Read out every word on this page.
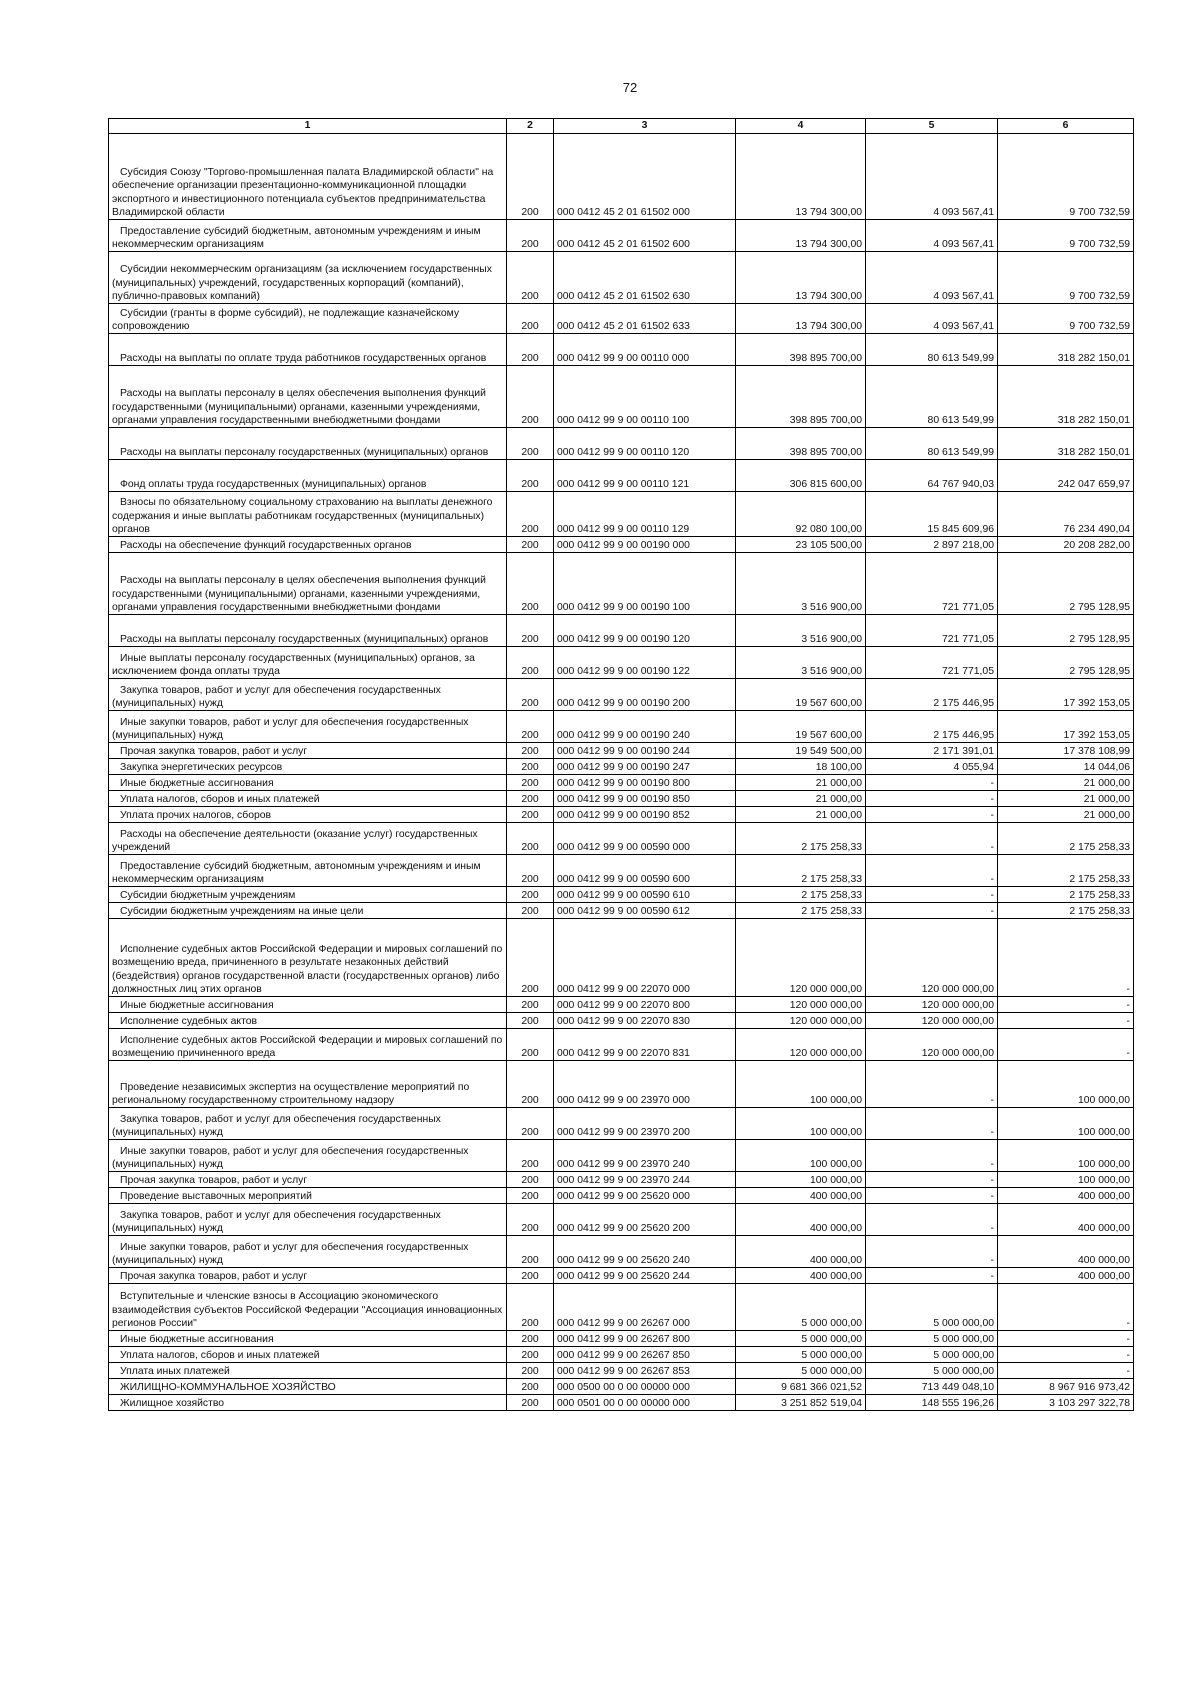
72
1	2	3	4	5	6
Субсидия Союзу "Торгово-промышленная палата Владимирской области" на обеспечение организации презентационно-коммуникационной площадки экспортного и инвестиционного потенциала субъектов предпринимательства Владимирской области	200	000 0412 45 2 01 61502 000	13 794 300,00	4 093 567,41	9 700 732,59
Предоставление субсидий бюджетным, автономным учреждениям и иным некоммерческим организациям	200	000 0412 45 2 01 61502 600	13 794 300,00	4 093 567,41	9 700 732,59
Субсидии некоммерческим организациям (за исключением государственных (муниципальных) учреждений, государственных корпораций (компаний), публично-правовых компаний)	200	000 0412 45 2 01 61502 630	13 794 300,00	4 093 567,41	9 700 732,59
Субсидии (гранты в форме субсидий), не подлежащие казначейскому сопровождению	200	000 0412 45 2 01 61502 633	13 794 300,00	4 093 567,41	9 700 732,59
Расходы на выплаты по оплате труда работников государственных органов	200	000 0412 99 9 00 00110 000	398 895 700,00	80 613 549,99	318 282 150,01
Расходы на выплаты персоналу в целях обеспечения выполнения функций государственными (муниципальными) органами, казенными учреждениями, органами управления государственными внебюджетными фондами	200	000 0412 99 9 00 00110 100	398 895 700,00	80 613 549,99	318 282 150,01
Расходы на выплаты персоналу государственных (муниципальных) органов	200	000 0412 99 9 00 00110 120	398 895 700,00	80 613 549,99	318 282 150,01
Фонд оплаты труда государственных (муниципальных) органов	200	000 0412 99 9 00 00110 121	306 815 600,00	64 767 940,03	242 047 659,97
Взносы по обязательному социальному страхованию на выплаты денежного содержания и иные выплаты работникам государственных (муниципальных) органов	200	000 0412 99 9 00 00110 129	92 080 100,00	15 845 609,96	76 234 490,04
Расходы на обеспечение функций государственных органов	200	000 0412 99 9 00 00190 000	23 105 500,00	2 897 218,00	20 208 282,00
Расходы на выплаты персоналу в целях обеспечения выполнения функций государственными (муниципальными) органами, казенными учреждениями, органами управления государственными внебюджетными фондами	200	000 0412 99 9 00 00190 100	3 516 900,00	721 771,05	2 795 128,95
Расходы на выплаты персоналу государственных (муниципальных) органов	200	000 0412 99 9 00 00190 120	3 516 900,00	721 771,05	2 795 128,95
Иные выплаты персоналу государственных (муниципальных) органов, за исключением фонда оплаты труда	200	000 0412 99 9 00 00190 122	3 516 900,00	721 771,05	2 795 128,95
Закупка товаров, работ и услуг для обеспечения государственных (муниципальных) нужд	200	000 0412 99 9 00 00190 200	19 567 600,00	2 175 446,95	17 392 153,05
Иные закупки товаров, работ и услуг для обеспечения государственных (муниципальных) нужд	200	000 0412 99 9 00 00190 240	19 567 600,00	2 175 446,95	17 392 153,05
Прочая закупка товаров, работ и услуг	200	000 0412 99 9 00 00190 244	19 549 500,00	2 171 391,01	17 378 108,99
Закупка энергетических ресурсов	200	000 0412 99 9 00 00190 247	18 100,00	4 055,94	14 044,06
Иные бюджетные ассигнования	200	000 0412 99 9 00 00190 800	21 000,00	-	21 000,00
Уплата налогов, сборов и иных платежей	200	000 0412 99 9 00 00190 850	21 000,00	-	21 000,00
Уплата прочих налогов, сборов	200	000 0412 99 9 00 00190 852	21 000,00	-	21 000,00
Расходы на обеспечение деятельности (оказание услуг) государственных учреждений	200	000 0412 99 9 00 00590 000	2 175 258,33	-	2 175 258,33
Предоставление субсидий бюджетным, автономным учреждениям и иным некоммерческим организациям	200	000 0412 99 9 00 00590 600	2 175 258,33	-	2 175 258,33
Субсидии бюджетным учреждениям	200	000 0412 99 9 00 00590 610	2 175 258,33	-	2 175 258,33
Субсидии бюджетным учреждениям на иные цели	200	000 0412 99 9 00 00590 612	2 175 258,33	-	2 175 258,33
Исполнение судебных актов Российской Федерации и мировых соглашений по возмещению вреда, причиненного в результате незаконных действий (бездействия) органов государственной власти (государственных органов) либо должностных лиц этих органов	200	000 0412 99 9 00 22070 000	120 000 000,00	120 000 000,00	-
Иные бюджетные ассигнования	200	000 0412 99 9 00 22070 800	120 000 000,00	120 000 000,00	-
Исполнение судебных актов	200	000 0412 99 9 00 22070 830	120 000 000,00	120 000 000,00	-
Исполнение судебных актов Российской Федерации и мировых соглашений по возмещению причиненного вреда	200	000 0412 99 9 00 22070 831	120 000 000,00	120 000 000,00	-
Проведение независимых экспертиз на осуществление мероприятий по региональному государственному строительному надзору	200	000 0412 99 9 00 23970 000	100 000,00	-	100 000,00
Закупка товаров, работ и услуг для обеспечения государственных (муниципальных) нужд	200	000 0412 99 9 00 23970 200	100 000,00	-	100 000,00
Иные закупки товаров, работ и услуг для обеспечения государственных (муниципальных) нужд	200	000 0412 99 9 00 23970 240	100 000,00	-	100 000,00
Прочая закупка товаров, работ и услуг	200	000 0412 99 9 00 23970 244	100 000,00	-	100 000,00
Проведение выставочных мероприятий	200	000 0412 99 9 00 25620 000	400 000,00	-	400 000,00
Закупка товаров, работ и услуг для обеспечения государственных (муниципальных) нужд	200	000 0412 99 9 00 25620 200	400 000,00	-	400 000,00
Иные закупки товаров, работ и услуг для обеспечения государственных (муниципальных) нужд	200	000 0412 99 9 00 25620 240	400 000,00	-	400 000,00
Прочая закупка товаров, работ и услуг	200	000 0412 99 9 00 25620 244	400 000,00	-	400 000,00
Вступительные и членские взносы в Ассоциацию экономического взаимодействия субъектов Российской Федерации "Ассоциация инновационных регионов России"	200	000 0412 99 9 00 26267 000	5 000 000,00	5 000 000,00	-
Иные бюджетные ассигнования	200	000 0412 99 9 00 26267 800	5 000 000,00	5 000 000,00	-
Уплата налогов, сборов и иных платежей	200	000 0412 99 9 00 26267 850	5 000 000,00	5 000 000,00	-
Уплата иных платежей	200	000 0412 99 9 00 26267 853	5 000 000,00	5 000 000,00	-
ЖИЛИЩНО-КОММУНАЛЬНОЕ ХОЗЯЙСТВО	200	000 0500 00 0 00 00000 000	9 681 366 021,52	713 449 048,10	8 967 916 973,42
Жилищное хозяйство	200	000 0501 00 0 00 00000 000	3 251 852 519,04	148 555 196,26	3 103 297 322,78
